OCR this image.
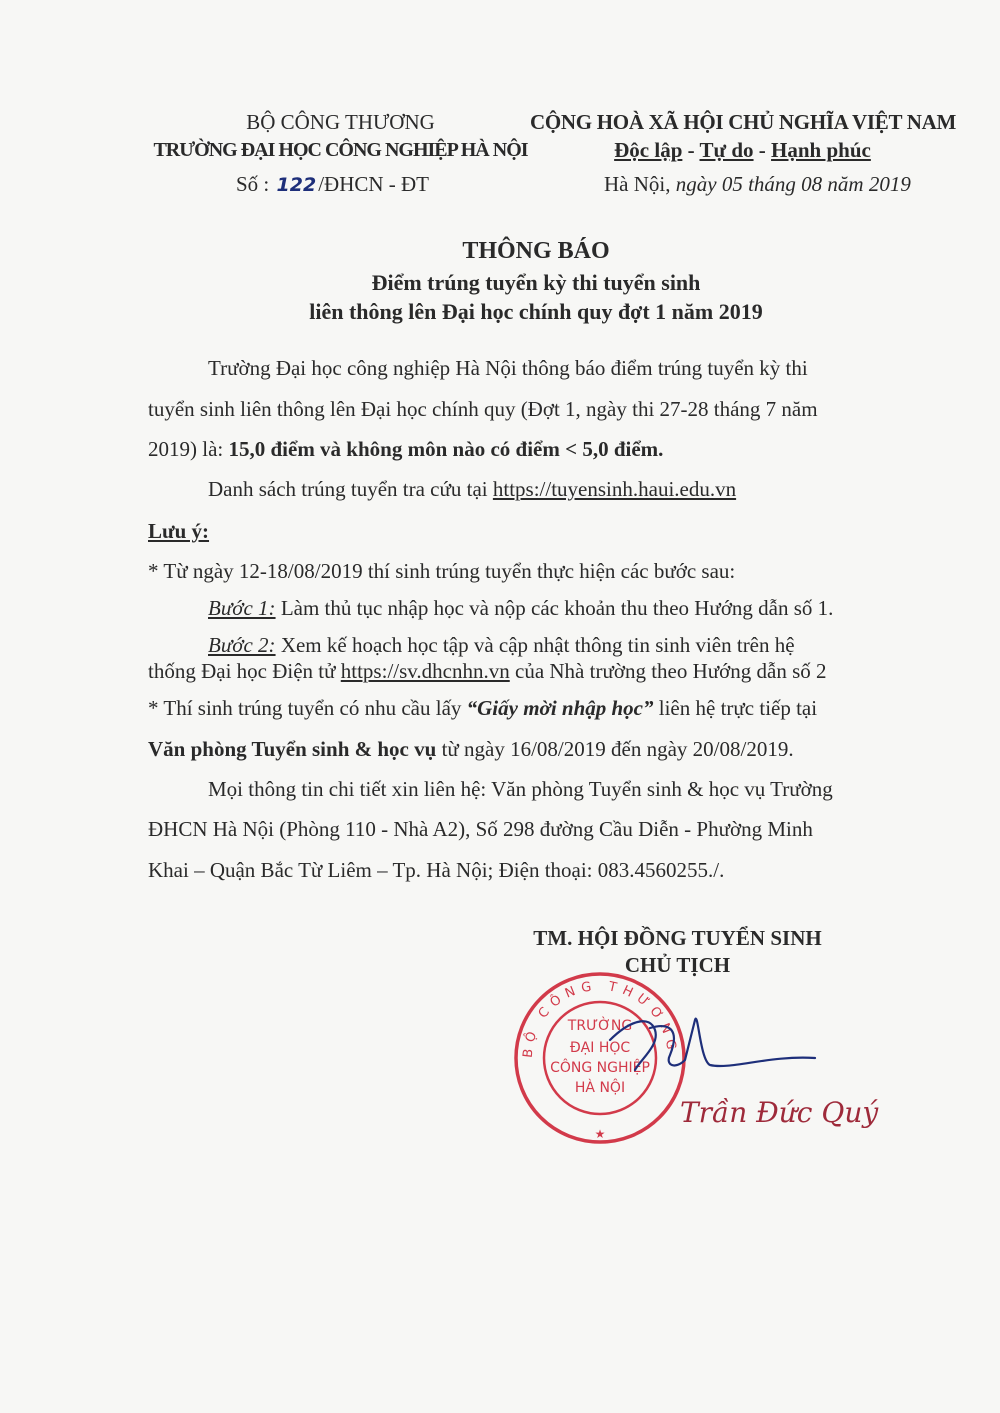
BỘ CÔNG THƯƠNG
TRƯỜNG ĐẠI HỌC CÔNG NGHIỆP HÀ NỘI
CỘNG HOÀ XÃ HỘI CHỦ NGHĨA VIỆT NAM
Độc lập - Tự do - Hạnh phúc
Số : 122/ĐHCN - ĐT	Hà Nội, ngày 05 tháng 08 năm 2019
THÔNG BÁO
Điểm trúng tuyển kỳ thi tuyển sinh
liên thông lên Đại học chính quy đợt 1 năm 2019
Trường Đại học công nghiệp Hà Nội thông báo điểm trúng tuyển kỳ thi
tuyển sinh liên thông lên Đại học chính quy (Đợt 1, ngày thi 27-28 tháng 7 năm
2019) là: 15,0 điểm và không môn nào có điểm < 5,0 điểm.
Danh sách trúng tuyển tra cứu tại https://tuyensinh.haui.edu.vn
Lưu ý:
* Từ ngày 12-18/08/2019 thí sinh trúng tuyển thực hiện các bước sau:
Bước 1: Làm thủ tục nhập học và nộp các khoản thu theo Hướng dẫn số 1.
Bước 2: Xem kế hoạch học tập và cập nhật thông tin sinh viên trên hệ
thống Đại học Điện tử https://sv.dhcnhn.vn của Nhà trường theo Hướng dẫn số 2
* Thí sinh trúng tuyển có nhu cầu lấy “Giấy mời nhập học” liên hệ trực tiếp tại
Văn phòng Tuyển sinh & học vụ từ ngày 16/08/2019 đến ngày 20/08/2019.
Mọi thông tin chi tiết xin liên hệ: Văn phòng Tuyển sinh & học vụ Trường
ĐHCN Hà Nội (Phòng 110 - Nhà A2), Số 298 đường Cầu Diễn - Phường Minh
Khai – Quận Bắc Từ Liêm – Tp. Hà Nội; Điện thoại: 083.4560255./.
TM. HỘI ĐỒNG TUYỂN SINH
CHỦ TỊCH
BỘ CÔNG THƯƠNG
TRƯỜNG ĐẠI HỌC CÔNG NGHIỆP HÀ NỘI
★
Trần Đức Quý
